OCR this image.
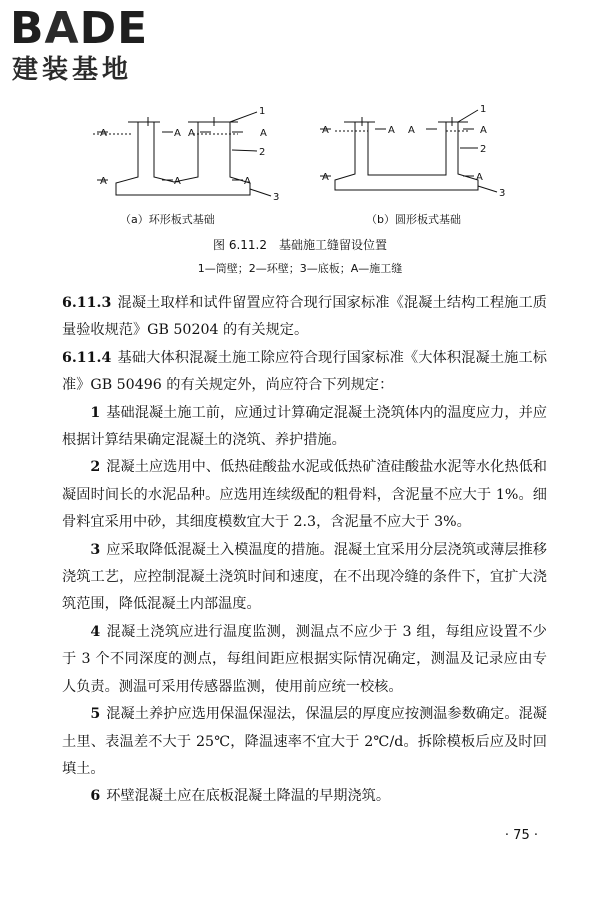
BADE
建装基地
A	A A	A
A	A	A
1
2
3
A	A A	A
A	A
1
2
3
（a）环形板式基础	（b）圆形板式基础
图 6.11.2　基础施工缝留设位置
1—筒壁；2—环壁；3—底板；A—施工缝

6.11.3 混凝土取样和试件留置应符合现行国家标准《混凝土结构工程施工质量验收规范》GB 50204 的有关规定。

6.11.4 基础大体积混凝土施工除应符合现行国家标准《大体积混凝土施工标准》GB 50496 的有关规定外，尚应符合下列规定：

1 基础混凝土施工前，应通过计算确定混凝土浇筑体内的温度应力，并应根据计算结果确定混凝土的浇筑、养护措施。

2 混凝土应选用中、低热硅酸盐水泥或低热矿渣硅酸盐水泥等水化热低和凝固时间长的水泥品种。应选用连续级配的粗骨料，含泥量不应大于 1%。细骨料宜采用中砂，其细度模数宜大于 2.3，含泥量不应大于 3%。

3 应采取降低混凝土入模温度的措施。混凝土宜采用分层浇筑或薄层推移浇筑工艺，应控制混凝土浇筑时间和速度，在不出现冷缝的条件下，宜扩大浇筑范围，降低混凝土内部温度。

4 混凝土浇筑应进行温度监测，测温点不应少于 3 组，每组应设置不少于 3 个不同深度的测点，每组间距应根据实际情况确定，测温及记录应由专人负责。测温可采用传感器监测，使用前应统一校核。

5 混凝土养护应选用保温保湿法，保温层的厚度应按测温参数确定。混凝土里、表温差不大于 25℃，降温速率不宜大于 2℃/d。拆除模板后应及时回填土。

6 环壁混凝土应在底板混凝土降温的早期浇筑。

· 75 ·
